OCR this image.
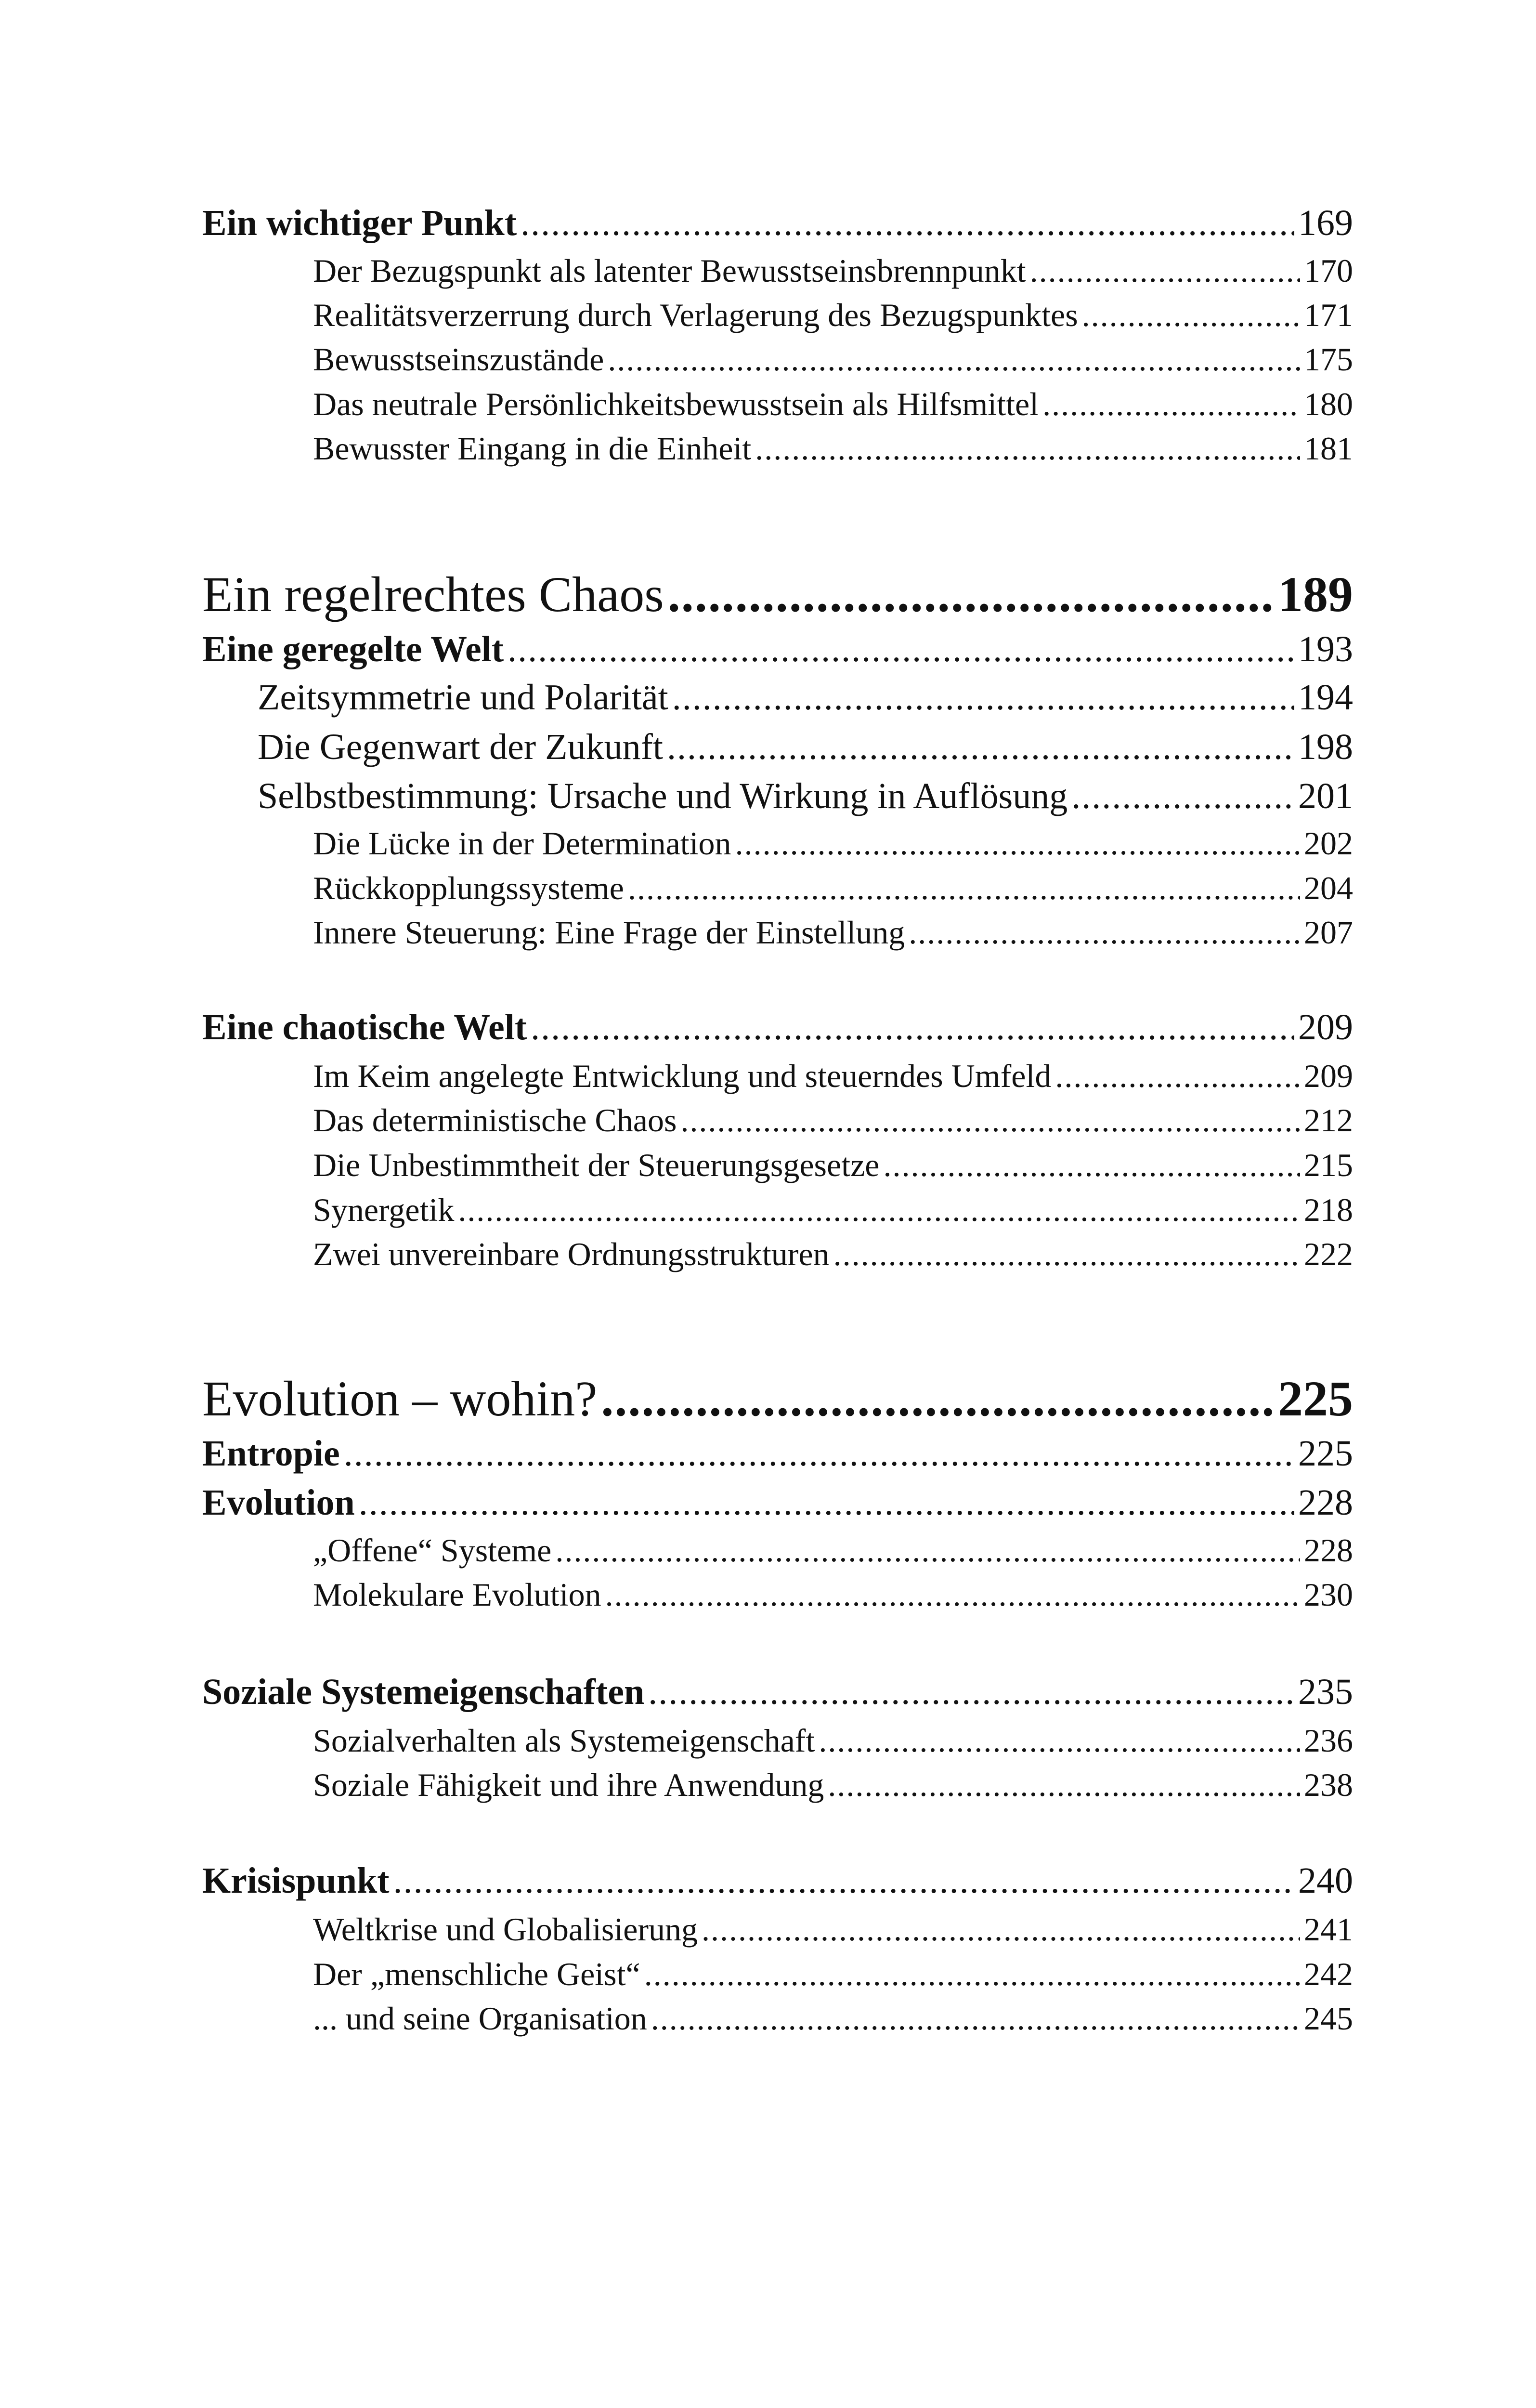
Ein wichtiger Punkt .....	169
Der Bezugspunkt als latenter Bewusstseinsbrennpunkt .....	170
Realitätsverzerrung durch Verlagerung des Bezugspunktes .....	171
Bewusstseinszustände .....	175
Das neutrale Persönlichkeitsbewusstsein als Hilfsmittel .....	180
Bewusster Eingang in die Einheit .....	181
Ein regelrechtes Chaos .....	189
Eine geregelte Welt .....	193
Zeitsymmetrie und Polarität .....	194
Die Gegenwart der Zukunft .....	198
Selbstbestimmung: Ursache und Wirkung in Auflösung .....	201
Die Lücke in der Determination .....	202
Rückkopplungssysteme .....	204
Innere Steuerung: Eine Frage der Einstellung .....	207
Eine chaotische Welt .....	209
Im Keim angelegte Entwicklung und steuerndes Umfeld .....	209
Das deterministische Chaos .....	212
Die Unbestimmtheit der Steuerungsgesetze .....	215
Synergetik .....	218
Zwei unvereinbare Ordnungsstrukturen .....	222
Evolution – wohin? .....	225
Entropie .....	225
Evolution .....	228
„Offene“ Systeme .....	228
Molekulare Evolution .....	230
Soziale Systemeigenschaften .....	235
Sozialverhalten als Systemeigenschaft .....	236
Soziale Fähigkeit und ihre Anwendung .....	238
Krisispunkt .....	240
Weltkrise und Globalisierung .....	241
Der „menschliche Geist“ .....	242
... und seine Organisation .....	245
